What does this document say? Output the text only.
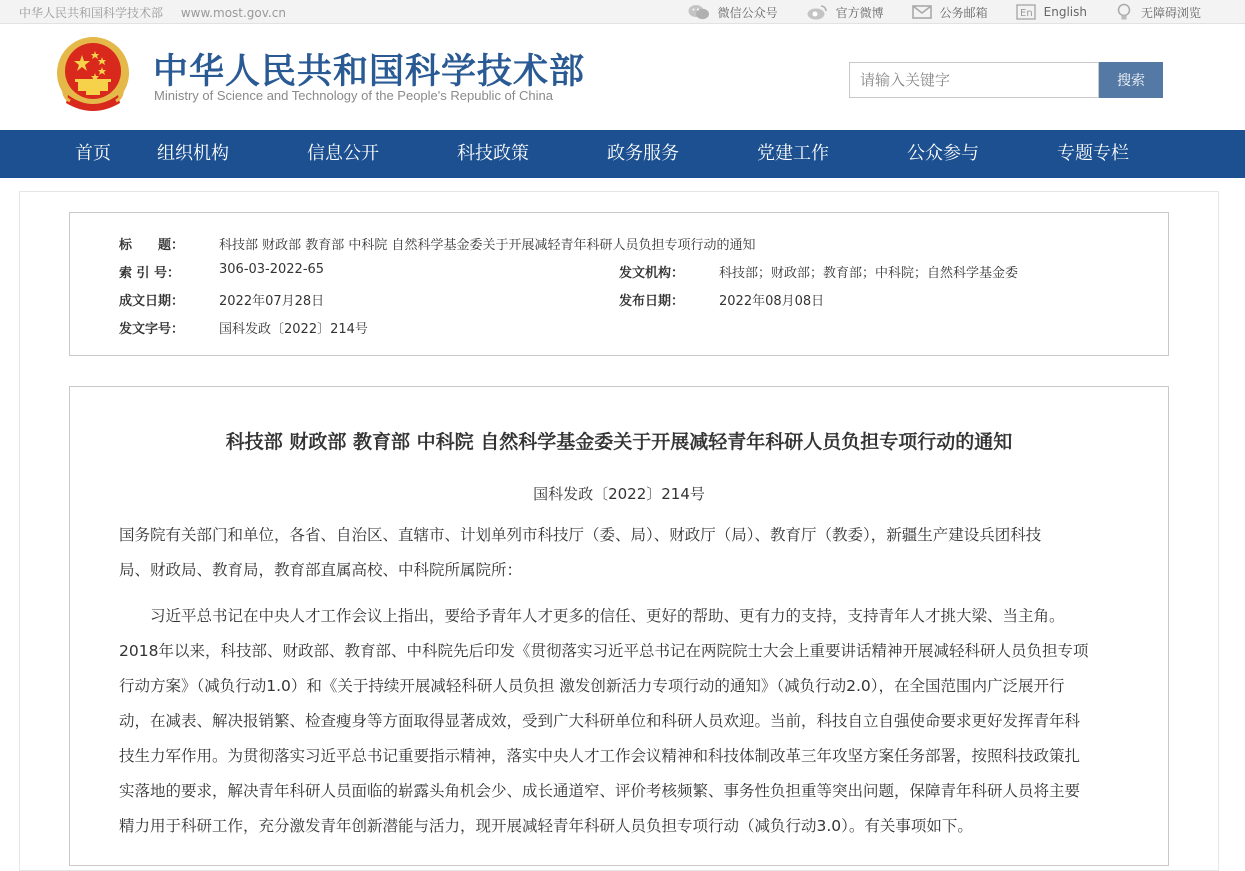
中华人民共和国科学技术部 www.most.gov.cn	微信公众号	官方微博	公务邮箱	En English	无障碍浏览
中华人民共和国科学技术部
Ministry of Science and Technology of the People's Republic of China
请输入关键字
搜索
首页	组织机构	信息公开	科技政策	政务服务	党建工作	公众参与	专题专栏
标　　题：	科技部 财政部 教育部 中科院 自然科学基金委关于开展减轻青年科研人员负担专项行动的通知
索 引 号：	306-03-2022-65	发文机构：	科技部；财政部；教育部；中科院；自然科学基金委
成文日期：	2022年07月28日	发布日期：	2022年08月08日
发文字号：	国科发政〔2022〕214号
科技部 财政部 教育部 中科院 自然科学基金委关于开展减轻青年科研人员负担专项行动的通知
国科发政〔2022〕214号
国务院有关部门和单位，各省、自治区、直辖市、计划单列市科技厅（委、局）、财政厅（局）、教育厅（教委），新疆生产建设兵团科技
局、财政局、教育局，教育部直属高校、中科院所属院所：
习近平总书记在中央人才工作会议上指出，要给予青年人才更多的信任、更好的帮助、更有力的支持，支持青年人才挑大梁、当主角。
2018年以来，科技部、财政部、教育部、中科院先后印发《贯彻落实习近平总书记在两院院士大会上重要讲话精神开展减轻科研人员负担专项
行动方案》（减负行动1.0）和《关于持续开展减轻科研人员负担 激发创新活力专项行动的通知》（减负行动2.0），在全国范围内广泛展开行
动，在减表、解决报销繁、检查瘦身等方面取得显著成效，受到广大科研单位和科研人员欢迎。当前，科技自立自强使命要求更好发挥青年科
技生力军作用。为贯彻落实习近平总书记重要指示精神，落实中央人才工作会议精神和科技体制改革三年攻坚方案任务部署，按照科技政策扎
实落地的要求，解决青年科研人员面临的崭露头角机会少、成长通道窄、评价考核频繁、事务性负担重等突出问题，保障青年科研人员将主要
精力用于科研工作，充分激发青年创新潜能与活力，现开展减轻青年科研人员负担专项行动（减负行动3.0）。有关事项如下。
